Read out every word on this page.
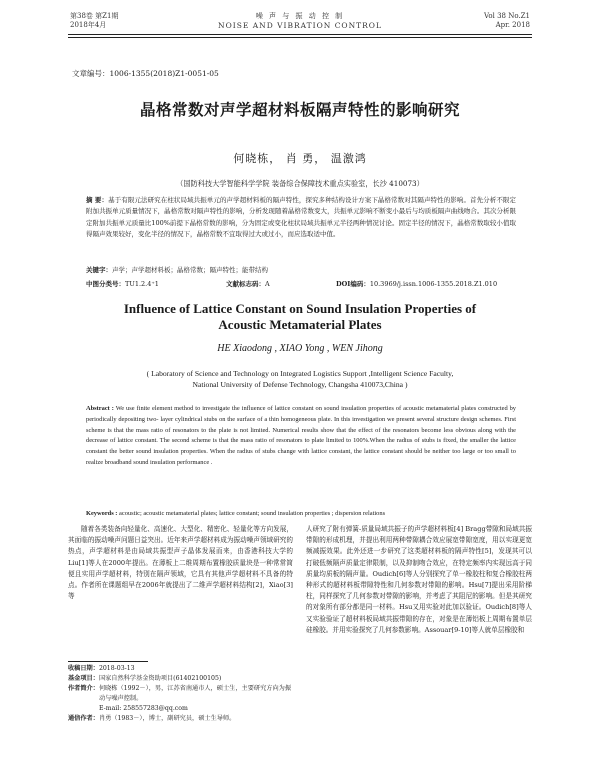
第38卷 第Z1期
2018年4月
噪 声 与 振 动 控 制
NOISE AND VIBRATION CONTROL
Vol 38 No.Z1
Apr. 2018
文章编号：1006-1355(2018)Z1-0051-05
晶格常数对声学超材料板隔声特性的影响研究
何晓栋， 肖 勇， 温激鸿
（国防科技大学智能科学学院 装备综合保障技术重点实验室，长沙 410073）
摘 要：基于有限元法研究在柱状局域共振单元的声学超材料板的隔声特性，探究多种结构设计方案下晶格常数对其隔声特性的影响。首先分析不限定附加共振单元质量情况下，晶格常数对隔声特性的影响，分析发现随着晶格常数变大，共振单元影响不断变小最后与均质板隔声曲线吻合。其次分析限定附加共振单元质量比100%前提下晶格常数的影响，分为固定或变化柱状局域共振单元半径两种情况讨论。固定半径的情况下，晶格常数取较小值取得隔声效果较好，变化半径的情况下，晶格常数不宜取得过大或过小，而应选取适中值。
关键字：声学；声学超材料板；晶格常数；隔声特性；能带结构
中图分类号：TU1.2.4⁺1	文献标志码：A	DOI编码：10.3969/j.issn.1006-1355.2018.Z1.010
Influence of Lattice Constant on Sound Insulation Properties of
Acoustic Metamaterial Plates
HE Xiaodong , XIAO Yong , WEN Jihong
( Laboratory of Science and Technology on Integrated Logistics Support ,Intelligent Science Faculty,
National University of Defense Technology, Changsha 410073,China )
Abstract : We use finite element method to investigate the influence of lattice constant on sound insulation properties of acoustic metamaterial plates constructed by periodically depositing two- layer cylindrical stubs on the surface of a thin homogeneous plate. In this investigation we present several structure design schemes. First scheme is that the mass ratio of resonators to the plate is not limited. Numerical results show that the effect of the resonators become less obvious along with the decrease of lattice constant. The second scheme is that the mass ratio of resonators to plate limited to 100%.When the radius of stubs is fixed, the smaller the lattice constant the better sound insulation properties. When the radius of stubs change with lattice constant, the lattice constant should be neither too large or too small to realize broadband sound insulation performance .
Keywords : acoustic; acoustic metamaterial plates; lattice constant; sound insulation properties ; dispersion relations
随着各类装备向轻量化、高速化、大型化、精密化、轻量化等方向发展，其面临的振动噪声问题日益突出。近年来声学超材料成为振动噪声领域研究的热点，声学超材料是由局域共振型声子晶体发展而来，由香港科技大学的Liu[1]等人在2000年提出。在薄板上二维周期布置橡胶质量块是一种常常简便且实用声学超材料，特别在隔声领域，它具有其他声学超材料不具备的特点。作者所在课题组早在2006年就提出了二维声学超材料结构[2]，Xiao[3]等
人研究了附有弹簧-质量局域共振子的声学超材料板[4] Bragg带隙和局域共振带隙的形成机理，并提出利用两种带隙耦合效应展宽带隙宽度，用以实现更宽频减振效果。此外还进一步研究了这类超材料板的隔声特性[5]，发现其可以打破低频隔声质量定律限制，以及抑制吻合效应，在特定频率内实现远高于同质量均质板的隔声量。Oudich[6]等人分别探究了单一橡胶柱和复合橡胶柱两种形式的超材料板带隙特性和几何参数对带隙的影响。Hsu[7]提出采用阶梯柱，同样探究了几何参数对带隙的影响，并考虑了其阻尼的影响。但是其研究的对象所有部分都是同一材料。Hsu又用实验对此加以验证。Oudich[8]等人又实验验证了超材料板局域共振带隙的存在，对象是在薄铝板上周期布置单层硅橡胶。并用实验探究了几何参数影响。Assouar[9-10]等人就单层橡胶和
收稿日期：2018-03-13
基金项目：国家自然科学基金资助项目(61402100105)
作者简介：何晓栋（1992－），男，江苏省南通市人，硕士生，主要研究方向为振动与噪声控制。
E-mail: 258557283@qq.com
通信作者：肖勇（1983－），博士，副研究员，硕士生导师。
